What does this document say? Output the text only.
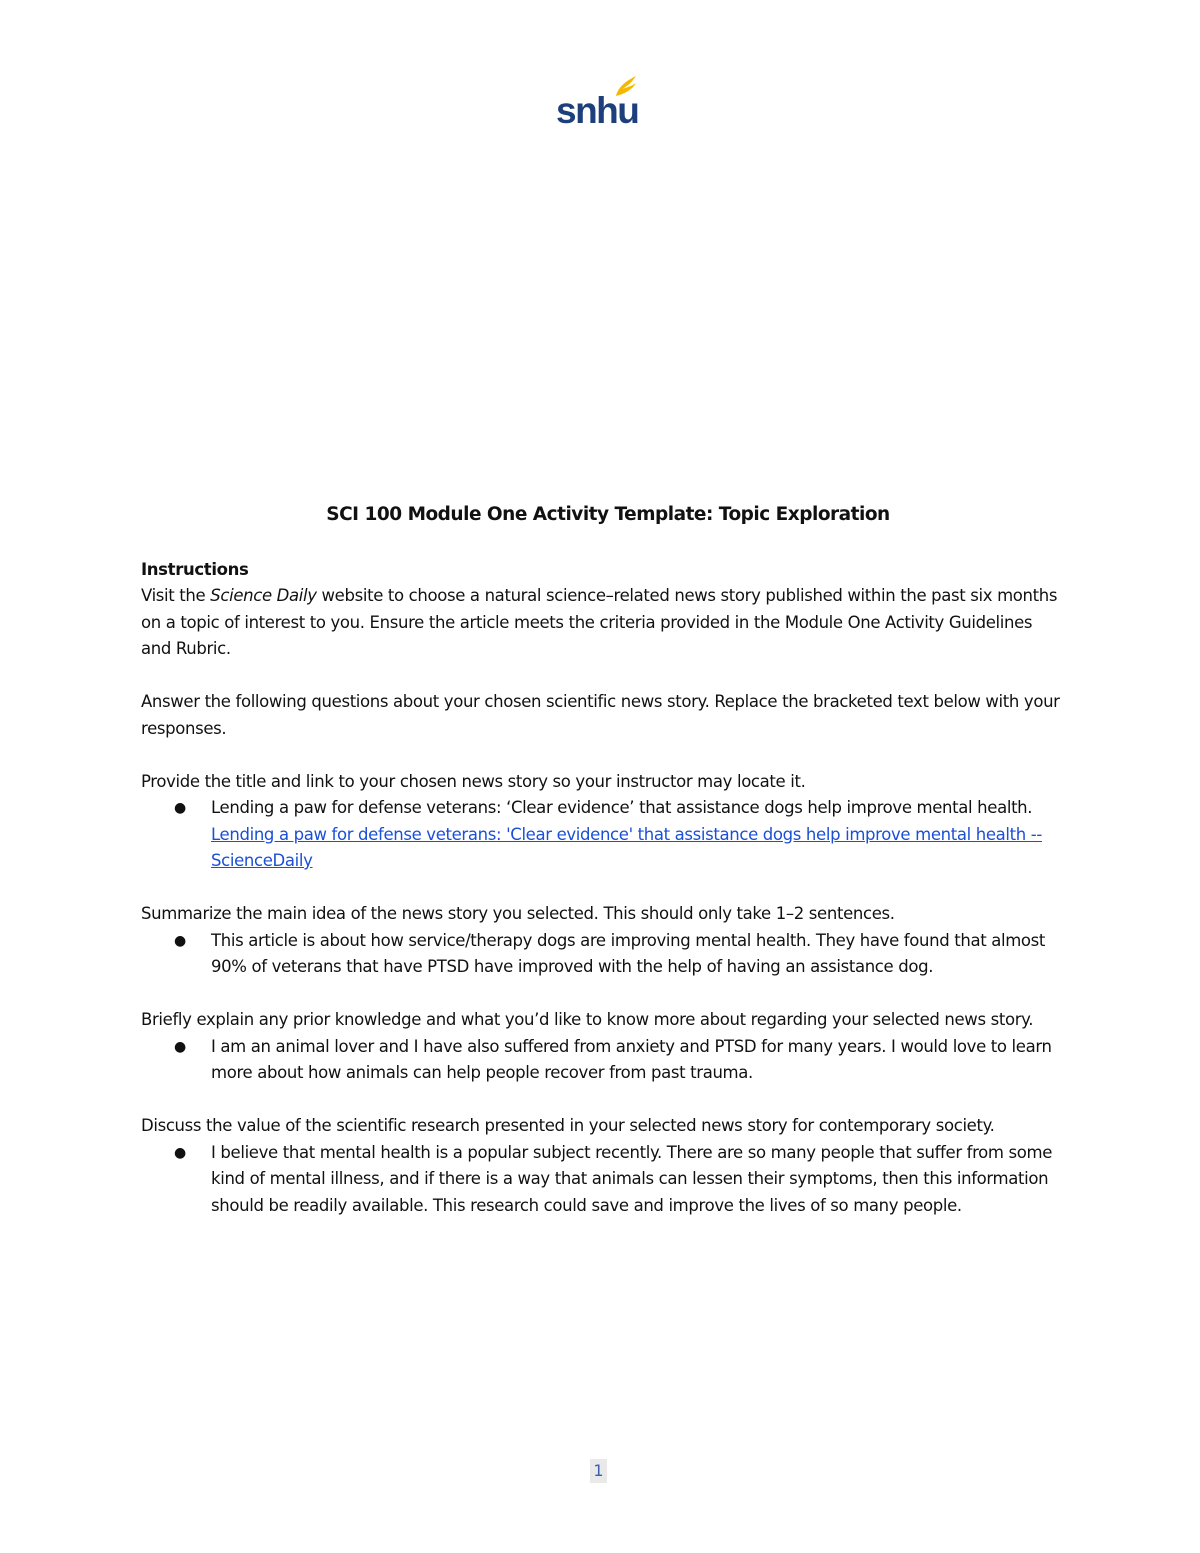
snhu
SCI 100 Module One Activity Template: Topic Exploration

Instructions

Visit the Science Daily website to choose a natural science–related news story published within the past six months on a topic of interest to you. Ensure the article meets the criteria provided in the Module One Activity Guidelines and Rubric.

Answer the following questions about your chosen scientific news story. Replace the bracketed text below with your responses.

Provide the title and link to your chosen news story so your instructor may locate it.

● Lending a paw for defense veterans: ‘Clear evidence’ that assistance dogs help improve mental health. Lending a paw for defense veterans: 'Clear evidence' that assistance dogs help improve mental health -- ScienceDaily

Summarize the main idea of the news story you selected. This should only take 1–2 sentences.

● This article is about how service/therapy dogs are improving mental health. They have found that almost 90% of veterans that have PTSD have improved with the help of having an assistance dog.

Briefly explain any prior knowledge and what you’d like to know more about regarding your selected news story.

● I am an animal lover and I have also suffered from anxiety and PTSD for many years. I would love to learn more about how animals can help people recover from past trauma.

Discuss the value of the scientific research presented in your selected news story for contemporary society.

● I believe that mental health is a popular subject recently. There are so many people that suffer from some kind of mental illness, and if there is a way that animals can lessen their symptoms, then this information should be readily available. This research could save and improve the lives of so many people.
1
